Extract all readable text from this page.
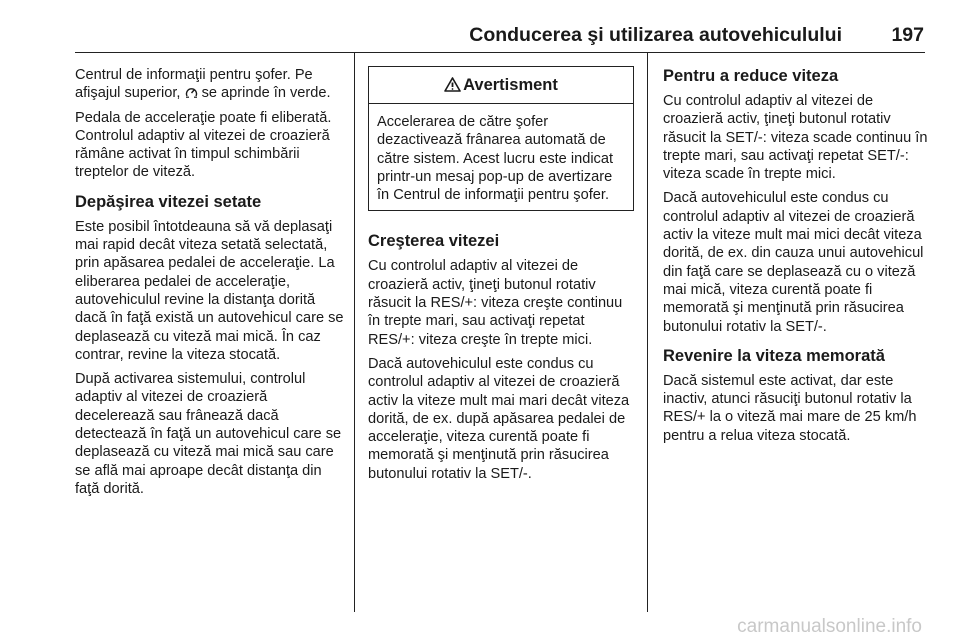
Conducerea şi utilizarea autovehiculului	197

Centrul de informaţii pentru şofer. Pe afişajul superior,  se aprinde în verde.

Pedala de acceleraţie poate fi eliberată. Controlul adaptiv al vitezei de croazieră rămâne activat în timpul schimbării treptelor de viteză.

Depăşirea vitezei setate

Este posibil întotdeauna să vă deplasaţi mai rapid decât viteza setată selectată, prin apăsarea pedalei de acceleraţie. La eliberarea pedalei de acceleraţie, autovehiculul revine la distanţa dorită dacă în faţă există un autovehicul care se deplasează cu viteză mai mică. În caz contrar, revine la viteza stocată.

După activarea sistemului, controlul adaptiv al vitezei de croazieră decelerează sau frânează dacă detectează în faţă un autovehicul care se deplasează cu viteză mai mică sau care se află mai aproape decât distanţa din faţă dorită.

Avertisment

Accelerarea de către şofer dezactivează frânarea automată de către sistem. Acest lucru este indicat printr-un mesaj pop-up de avertizare în Centrul de informaţii pentru şofer.

Creşterea vitezei

Cu controlul adaptiv al vitezei de croazieră activ, ţineţi butonul rotativ răsucit la RES/+: viteza creşte continuu în trepte mari, sau activaţi repetat RES/+: viteza creşte în trepte mici.

Dacă autovehiculul este condus cu controlul adaptiv al vitezei de croazieră activ la viteze mult mai mari decât viteza dorită, de ex. după apăsarea pedalei de acceleraţie, viteza curentă poate fi memorată şi menţinută prin răsucirea butonului rotativ la SET/-.

Pentru a reduce viteza

Cu controlul adaptiv al vitezei de croazieră activ, ţineţi butonul rotativ răsucit la SET/-: viteza scade continuu în trepte mari, sau activaţi repetat SET/-: viteza scade în trepte mici.

Dacă autovehiculul este condus cu controlul adaptiv al vitezei de croazieră activ la viteze mult mai mici decât viteza dorită, de ex. din cauza unui autovehicul din faţă care se deplasează cu o viteză mai mică, viteza curentă poate fi memorată şi menţinută prin răsucirea butonului rotativ la SET/-.

Revenire la viteza memorată

Dacă sistemul este activat, dar este inactiv, atunci răsuciţi butonul rotativ la RES/+ la o viteză mai mare de 25 km/h pentru a relua viteza stocată.

carmanualsonline.info
